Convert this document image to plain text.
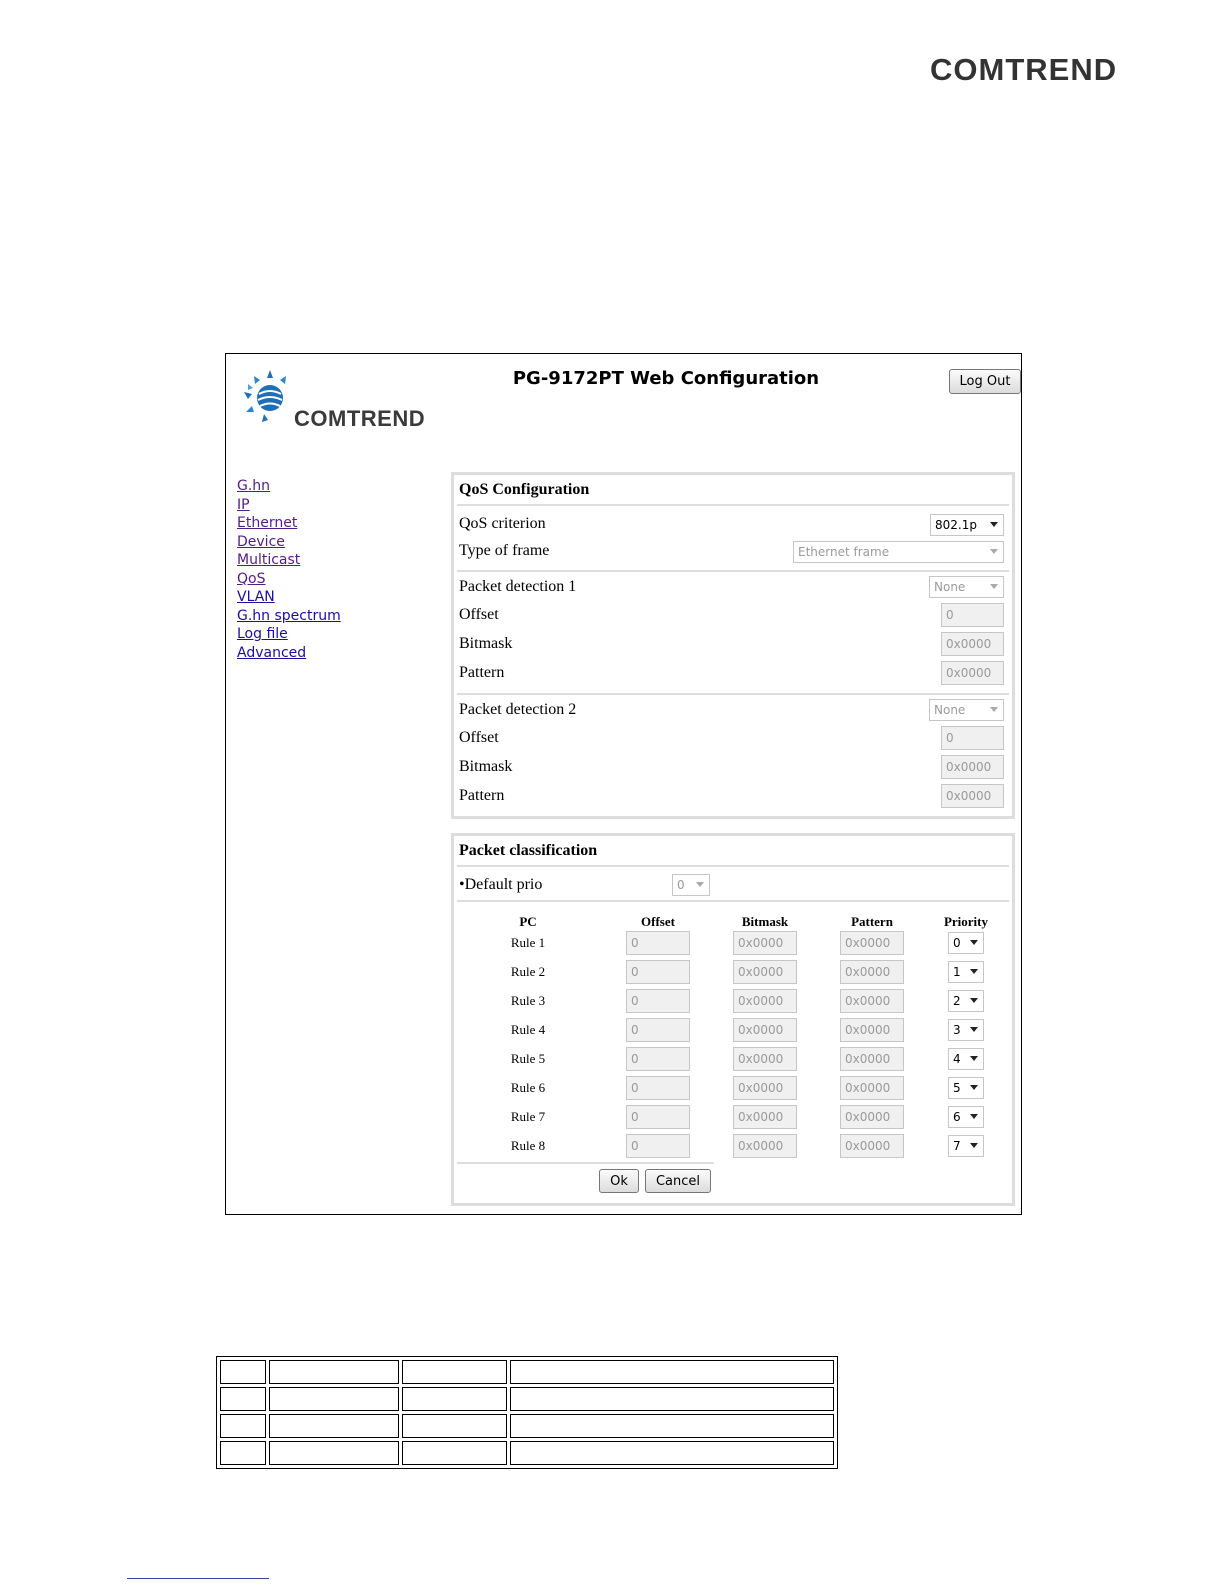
COMTREND
COMTREND
PG-9172PT Web Configuration	Log Out
G.hn
IP
Ethernet
Device
Multicast
QoS
VLAN
G.hn spectrum
Log file
Advanced
QoS Configuration
QoS criterion	802.1p
Type of frame	Ethernet frame
Packet detection 1	None
Offset	0
Bitmask	0x0000
Pattern	0x0000
Packet detection 2	None
Offset	0
Bitmask	0x0000
Pattern	0x0000
Packet classification
•Default prio	0
PC	Offset	Bitmask	Pattern	Priority
Rule 1	0	0x0000	0x0000	0
Rule 2	0	0x0000	0x0000	1
Rule 3	0	0x0000	0x0000	2
Rule 4	0	0x0000	0x0000	3
Rule 5	0	0x0000	0x0000	4
Rule 6	0	0x0000	0x0000	5
Rule 7	0	0x0000	0x0000	6
Rule 8	0	0x0000	0x0000	7
Ok	Cancel
